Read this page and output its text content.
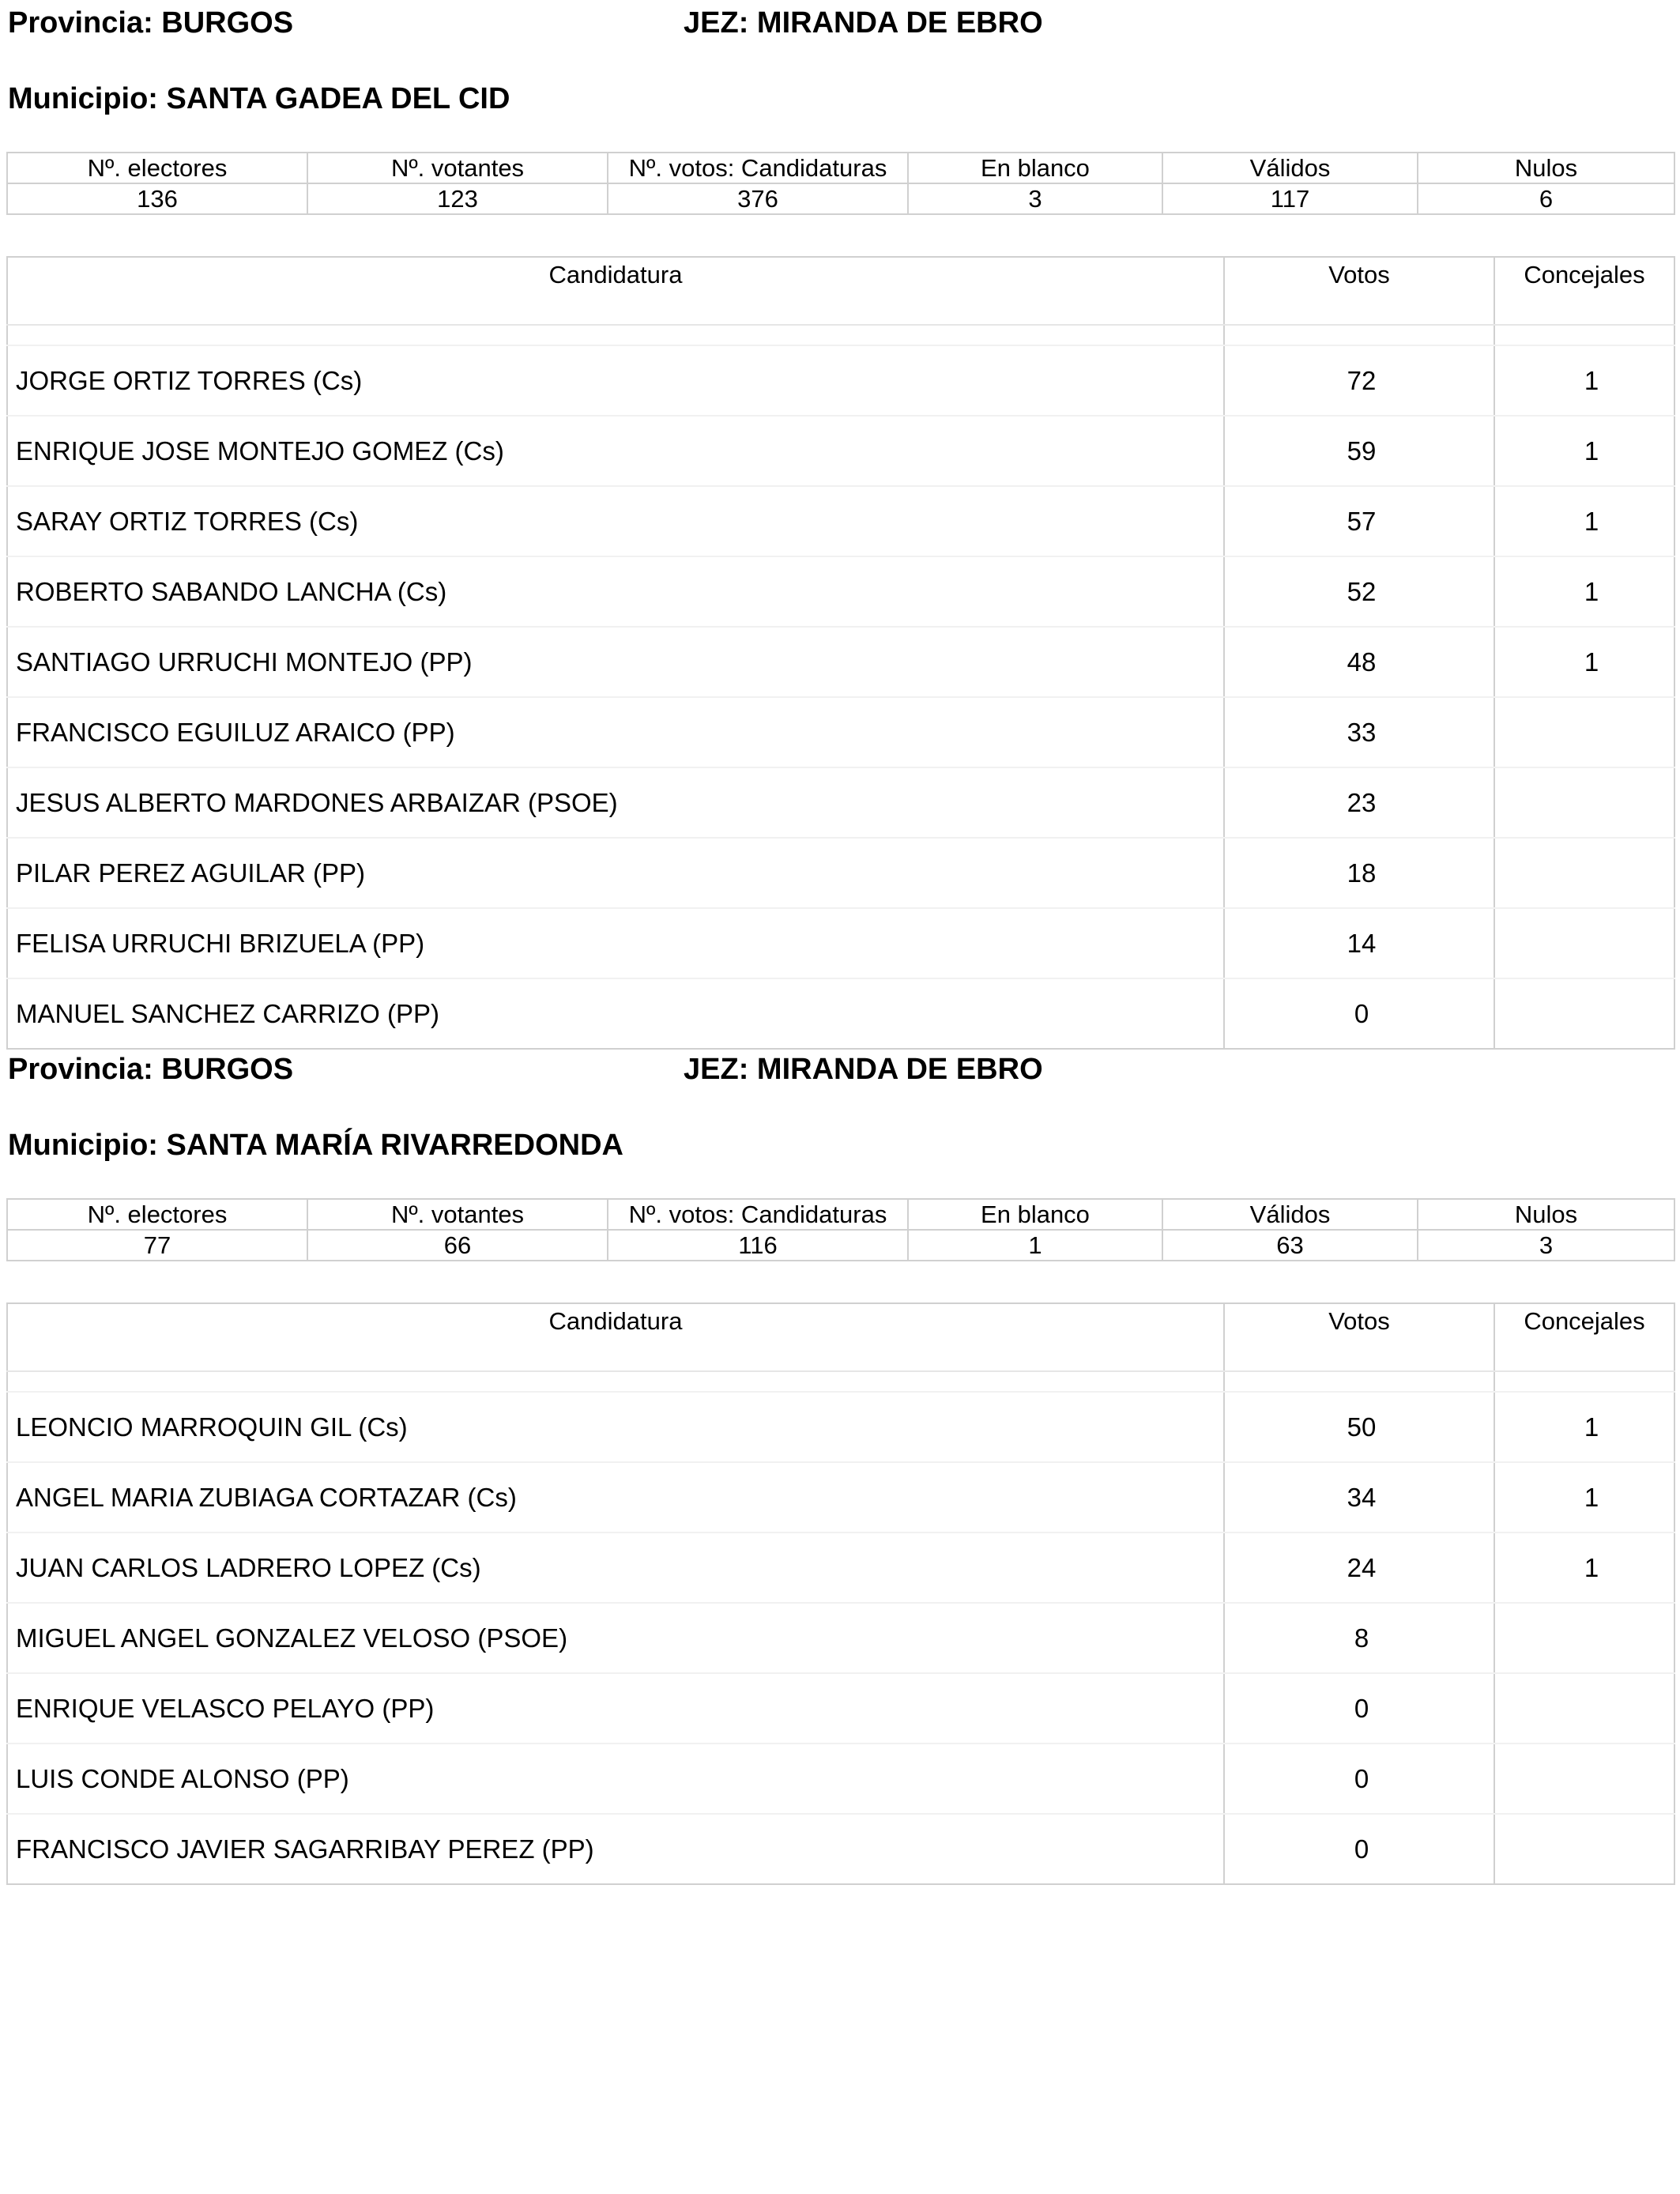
Provincia: BURGOS	JEZ: MIRANDA DE EBRO
Municipio: SANTA GADEA DEL CID
Nº. electores	Nº. votantes	Nº. votos: Candidaturas	En blanco	Válidos	Nulos
136	123	376	3	117	6
Candidatura	Votos	Concejales

JORGE ORTIZ TORRES (Cs)	72	1
ENRIQUE JOSE MONTEJO GOMEZ (Cs)	59	1
SARAY ORTIZ TORRES (Cs)	57	1
ROBERTO SABANDO LANCHA (Cs)	52	1
SANTIAGO URRUCHI MONTEJO (PP)	48	1
FRANCISCO EGUILUZ ARAICO (PP)	33	
JESUS ALBERTO MARDONES ARBAIZAR (PSOE)	23	
PILAR PEREZ AGUILAR (PP)	18	
FELISA URRUCHI BRIZUELA (PP)	14	
MANUEL SANCHEZ CARRIZO (PP)	0	
Provincia: BURGOS	JEZ: MIRANDA DE EBRO
Municipio: SANTA MARÍA RIVARREDONDA
Nº. electores	Nº. votantes	Nº. votos: Candidaturas	En blanco	Válidos	Nulos
77	66	116	1	63	3
Candidatura	Votos	Concejales

LEONCIO MARROQUIN GIL (Cs)	50	1
ANGEL MARIA ZUBIAGA CORTAZAR (Cs)	34	1
JUAN CARLOS LADRERO LOPEZ (Cs)	24	1
MIGUEL ANGEL GONZALEZ VELOSO (PSOE)	8	
ENRIQUE VELASCO PELAYO (PP)	0	
LUIS CONDE ALONSO (PP)	0	
FRANCISCO JAVIER SAGARRIBAY PEREZ (PP)	0	
